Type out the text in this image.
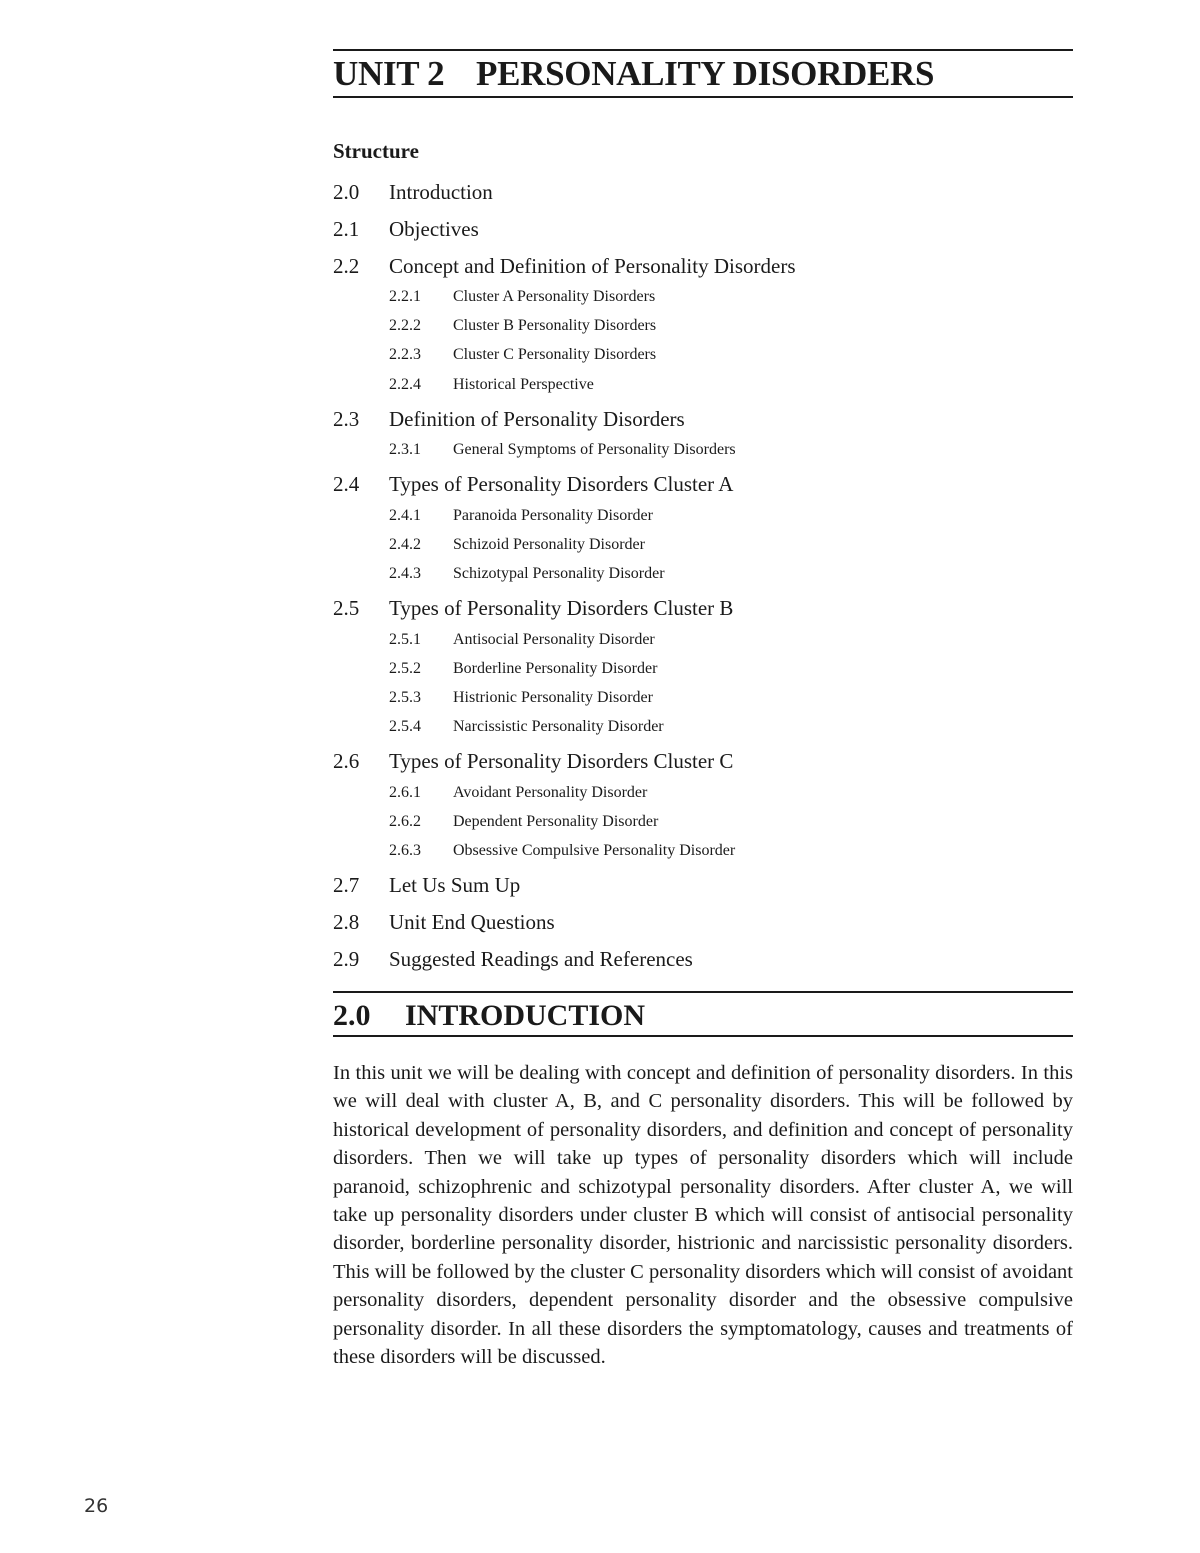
UNIT 2 PERSONALITY DISORDERS
Structure
2.0 Introduction
2.1 Objectives
2.2 Concept and Definition of Personality Disorders
2.2.1 Cluster A Personality Disorders
2.2.2 Cluster B Personality Disorders
2.2.3 Cluster C Personality Disorders
2.2.4 Historical Perspective
2.3 Definition of Personality Disorders
2.3.1 General Symptoms of Personality Disorders
2.4 Types of Personality Disorders Cluster A
2.4.1 Paranoida Personality Disorder
2.4.2 Schizoid Personality Disorder
2.4.3 Schizotypal Personality Disorder
2.5 Types of Personality Disorders Cluster B
2.5.1 Antisocial Personality Disorder
2.5.2 Borderline Personality Disorder
2.5.3 Histrionic Personality Disorder
2.5.4 Narcissistic Personality Disorder
2.6 Types of Personality Disorders Cluster C
2.6.1 Avoidant Personality Disorder
2.6.2 Dependent Personality Disorder
2.6.3 Obsessive Compulsive Personality Disorder
2.7 Let Us Sum Up
2.8 Unit End Questions
2.9 Suggested Readings and References
2.0 INTRODUCTION

In this unit we will be dealing with concept and definition of personality disorders. In this we will deal with cluster A, B, and C personality disorders. This will be followed by historical development of personality disorders, and definition and concept of personality disorders. Then we will take up types of personality disorders which will include paranoid, schizophrenic and schizotypal personality disorders. After cluster A, we will take up personality disorders under cluster B which will consist of antisocial personality disorder, borderline personality disorder, histrionic and narcissistic personality disorders. This will be followed by the cluster C personality disorders which will consist of avoidant personality disorders, dependent personality disorder and the obsessive compulsive personality disorder. In all these disorders the symptomatology, causes and treatments of these disorders will be discussed.

26
